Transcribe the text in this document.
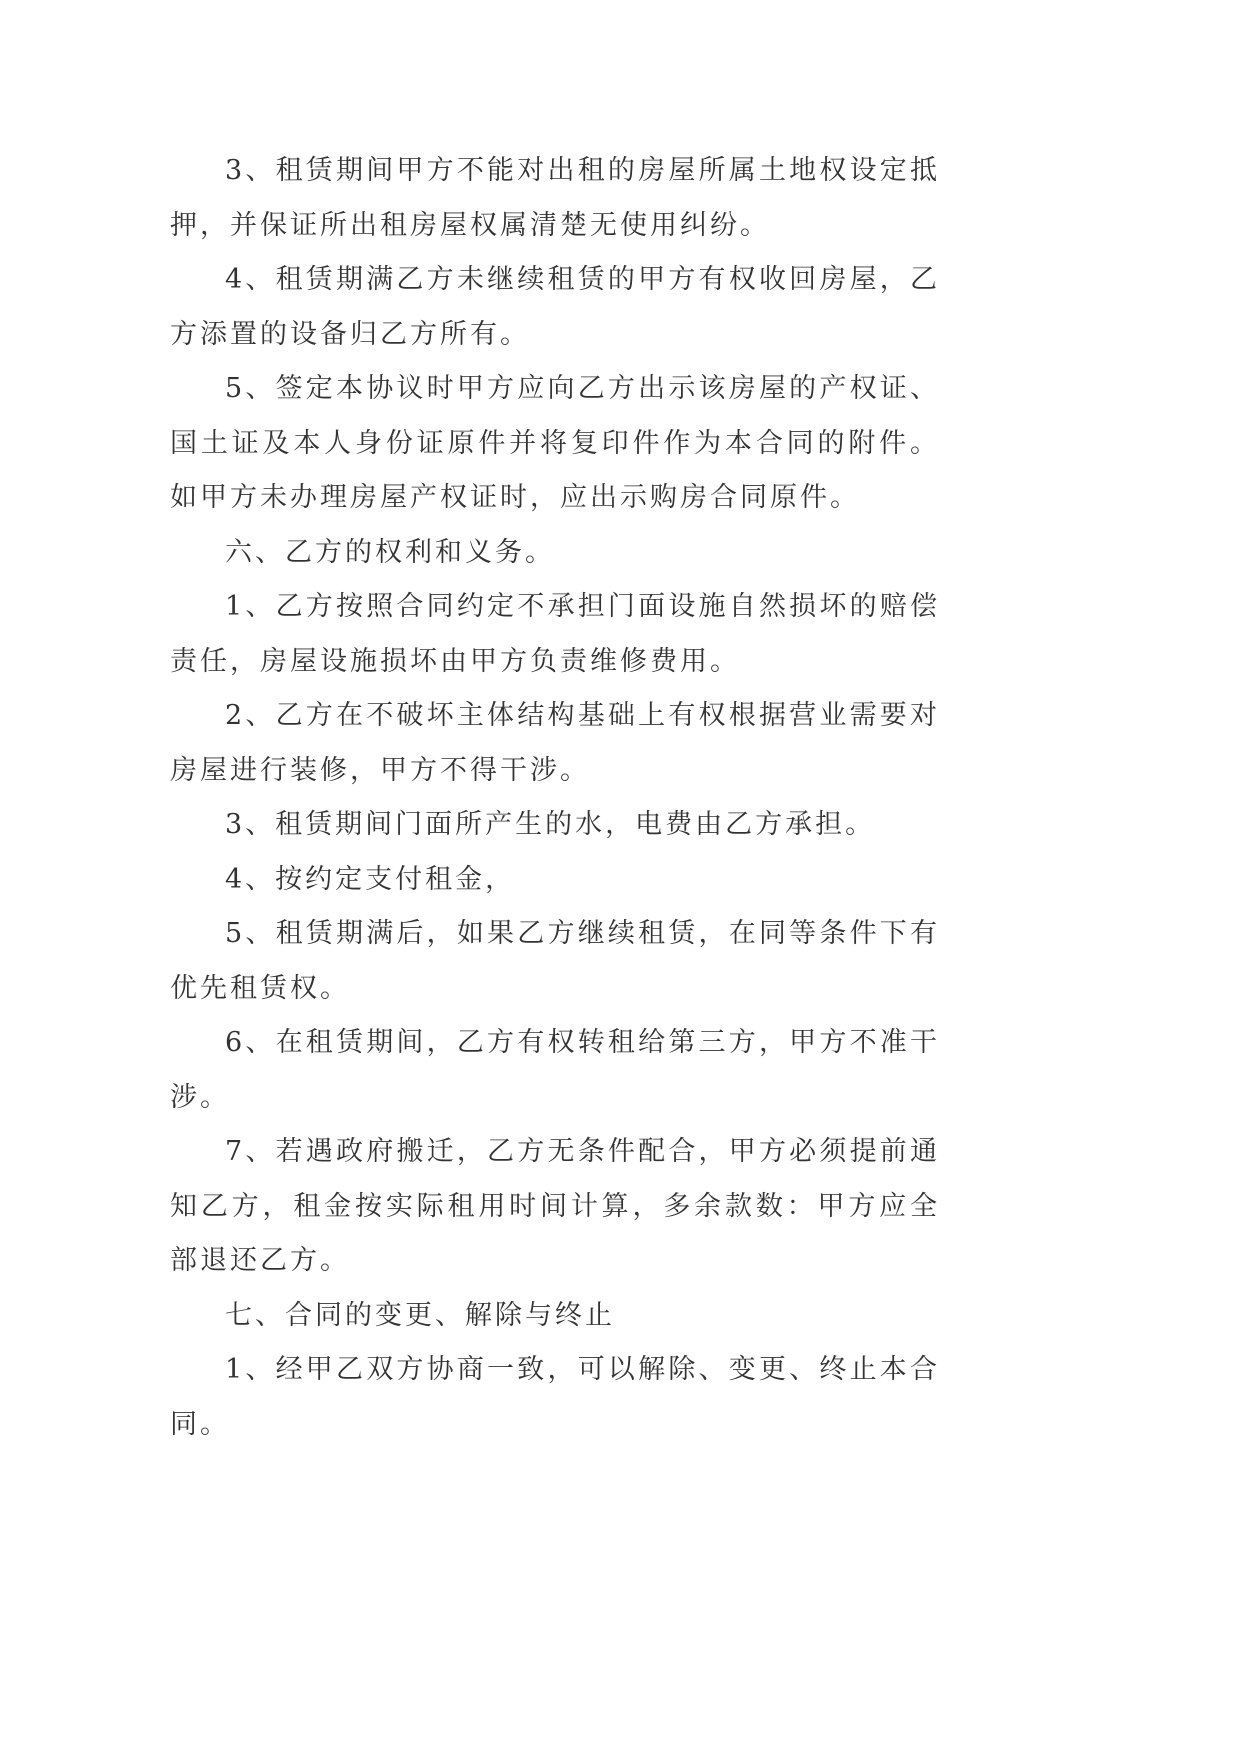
3、租赁期间甲方不能对出租的房屋所属土地权设定抵押，并保证所出租房屋权属清楚无使用纠纷。

4、租赁期满乙方未继续租赁的甲方有权收回房屋，乙方添置的设备归乙方所有。

5、签定本协议时甲方应向乙方出示该房屋的产权证、国土证及本人身份证原件并将复印件作为本合同的附件。如甲方未办理房屋产权证时，应出示购房合同原件。

六、乙方的权利和义务。

1、乙方按照合同约定不承担门面设施自然损坏的赔偿责任，房屋设施损坏由甲方负责维修费用。

2、乙方在不破坏主体结构基础上有权根据营业需要对房屋进行装修，甲方不得干涉。

3、租赁期间门面所产生的水，电费由乙方承担。

4、按约定支付租金，

5、租赁期满后，如果乙方继续租赁，在同等条件下有优先租赁权。

6、在租赁期间，乙方有权转租给第三方，甲方不准干涉。

7、若遇政府搬迁，乙方无条件配合，甲方必须提前通知乙方，租金按实际租用时间计算，多余款数：甲方应全部退还乙方。

七、合同的变更、解除与终止

1、经甲乙双方协商一致，可以解除、变更、终止本合同。
